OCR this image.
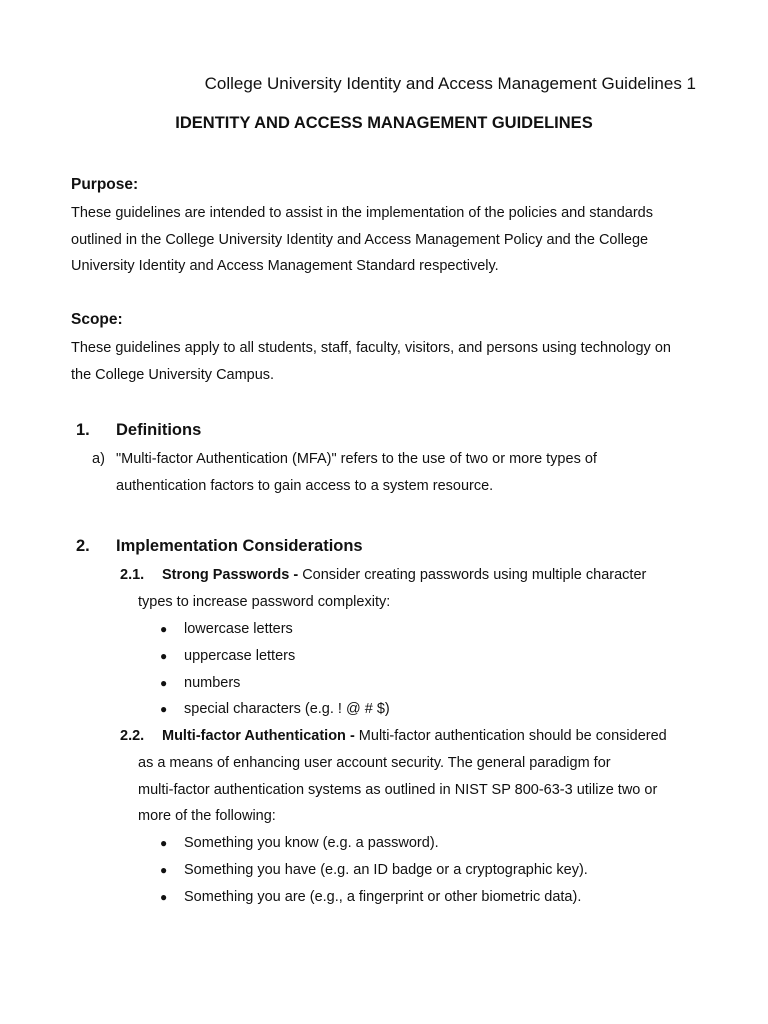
College University Identity and Access Management Guidelines 1
IDENTITY AND ACCESS MANAGEMENT GUIDELINES
Purpose:
These guidelines are intended to assist in the implementation of the policies and standards
outlined in the College University Identity and Access Management Policy and the College
University Identity and Access Management Standard respectively.
Scope:
These guidelines apply to all students, staff, faculty, visitors, and persons using technology on
the College University Campus.
1. Definitions
a) "Multi-factor Authentication (MFA)" refers to the use of two or more types of
authentication factors to gain access to a system resource.
2. Implementation Considerations
2.1. Strong Passwords - Consider creating passwords using multiple character
types to increase password complexity:
● lowercase letters
● uppercase letters
● numbers
● special characters (e.g. ! @ # $)
2.2. Multi-factor Authentication - Multi-factor authentication should be considered
as a means of enhancing user account security. The general paradigm for
multi-factor authentication systems as outlined in NIST SP 800-63-3 utilize two or
more of the following:
● Something you know (e.g. a password).
● Something you have (e.g. an ID badge or a cryptographic key).
● Something you are (e.g., a fingerprint or other biometric data).
